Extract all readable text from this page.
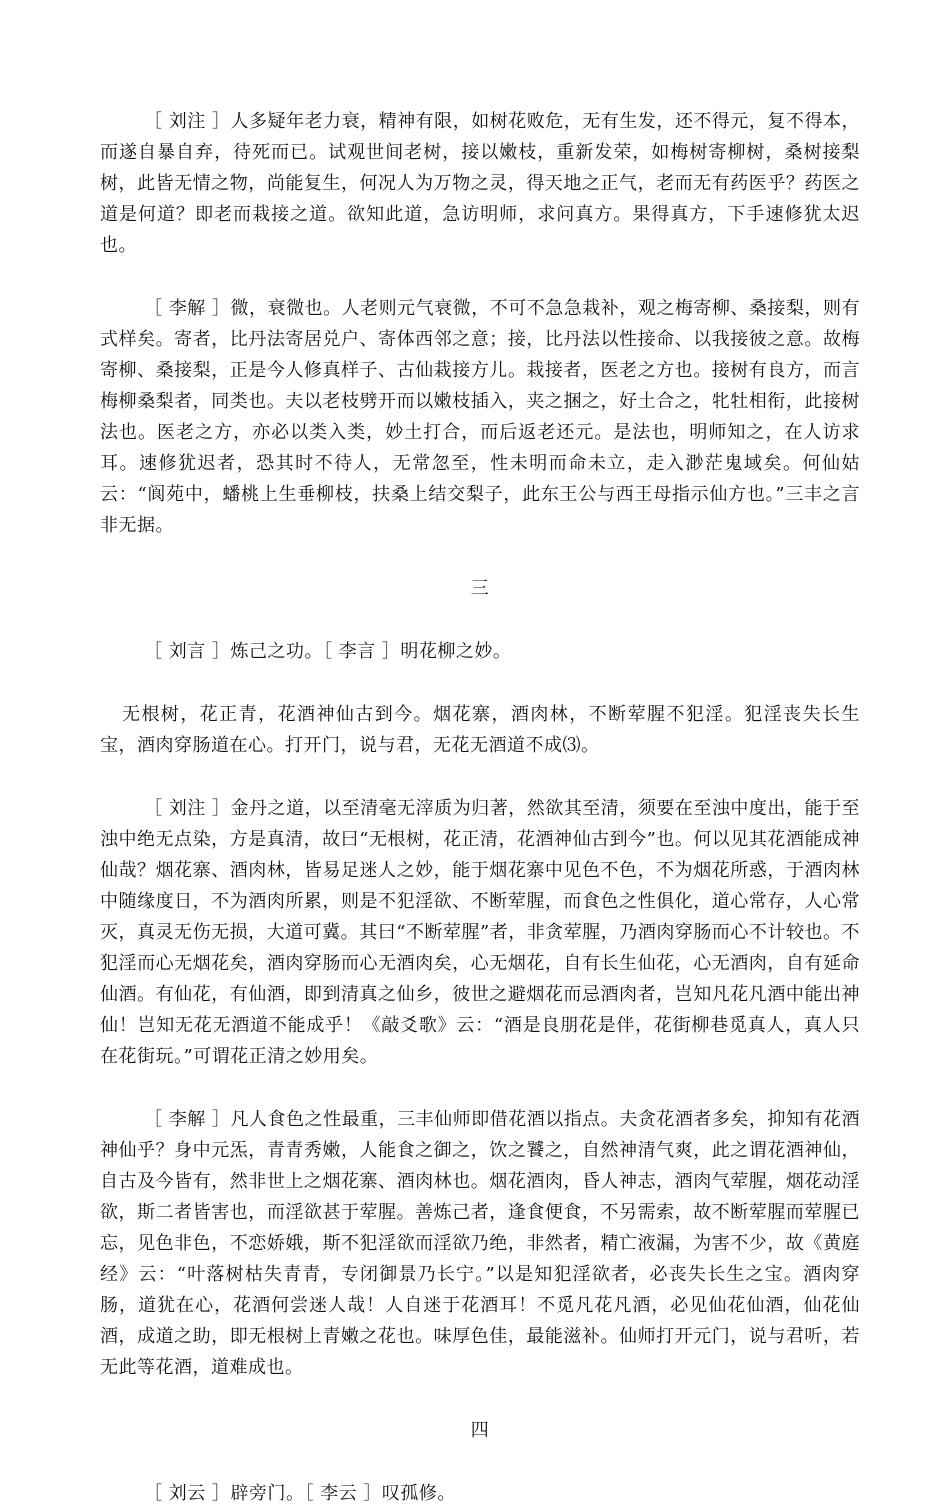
［ 刘注 ］人多疑年老力衰，精神有限，如树花败危，无有生发，还不得元，复不得本，而遂自暴自弃，待死而已。试观世间老树，接以嫩枝，重新发荣，如梅树寄柳树，桑树接梨树，此皆无情之物，尚能复生，何况人为万物之灵，得天地之正气，老而无有药医乎？药医之道是何道？即老而栽接之道。欲知此道，急访明师，求问真方。果得真方，下手速修犹太迟也。

［ 李解 ］微，衰微也。人老则元气衰微，不可不急急栽补，观之梅寄柳、桑接梨，则有式样矣。寄者，比丹法寄居兑户、寄体西邻之意；接，比丹法以性接命、以我接彼之意。故梅寄柳、桑接梨，正是今人修真样子、古仙栽接方儿。栽接者，医老之方也。接树有良方，而言梅柳桑梨者，同类也。夫以老枝劈开而以嫩枝插入，夹之捆之，好土合之，牝牡相衔，此接树法也。医老之方，亦必以类入类，妙土打合，而后返老还元。是法也，明师知之，在人访求耳。速修犹迟者，恐其时不待人，无常忽至，性未明而命未立，走入渺茫鬼域矣。何仙姑云：“阆苑中，蟠桃上生垂柳枝，扶桑上结交梨子，此东王公与西王母指示仙方也。”三丰之言非无据。

三

［ 刘言 ］炼己之功。［ 李言 ］明花柳之妙。

无根树，花正青，花酒神仙古到今。烟花寨，酒肉林，不断荤腥不犯淫。犯淫丧失长生宝，酒肉穿肠道在心。打开门，说与君，无花无酒道不成⑶。

［ 刘注 ］金丹之道，以至清毫无滓质为归著，然欲其至清，须要在至浊中度出，能于至浊中绝无点染，方是真清，故曰“无根树，花正清，花酒神仙古到今”也。何以见其花酒能成神仙哉？烟花寨、酒肉林，皆易足迷人之妙，能于烟花寨中见色不色，不为烟花所惑，于酒肉林中随缘度日，不为酒肉所累，则是不犯淫欲、不断荤腥，而食色之性俱化，道心常存，人心常灭，真灵无伤无损，大道可冀。其曰“不断荤腥”者，非贪荤腥，乃酒肉穿肠而心不计较也。不犯淫而心无烟花矣，酒肉穿肠而心无酒肉矣，心无烟花，自有长生仙花，心无酒肉，自有延命仙酒。有仙花，有仙酒，即到清真之仙乡，彼世之避烟花而忌酒肉者，岂知凡花凡酒中能出神仙！岂知无花无酒道不能成乎！《敲爻歌》云：“酒是良朋花是伴，花街柳巷觅真人，真人只在花街玩。”可谓花正清之妙用矣。

［ 李解 ］凡人食色之性最重，三丰仙师即借花酒以指点。夫贪花酒者多矣，抑知有花酒神仙乎？身中元炁，青青秀嫩，人能食之御之，饮之饕之，自然神清气爽，此之谓花酒神仙，自古及今皆有，然非世上之烟花寨、酒肉林也。烟花酒肉，昏人神志，酒肉气荤腥，烟花动淫欲，斯二者皆害也，而淫欲甚于荤腥。善炼己者，逢食便食，不另需索，故不断荤腥而荤腥已忘，见色非色，不恋娇娥，斯不犯淫欲而淫欲乃绝，非然者，精亡液漏，为害不少，故《黄庭经》云：“叶落树枯失青青，专闭御景乃长宁。”以是知犯淫欲者，必丧失长生之宝。酒肉穿肠，道犹在心，花酒何尝迷人哉！人自迷于花酒耳！不觅凡花凡酒，必见仙花仙酒，仙花仙酒，成道之助，即无根树上青嫩之花也。味厚色佳，最能滋补。仙师打开元门，说与君听，若无此等花酒，道难成也。

四

［ 刘云 ］辟旁门。［ 李云 ］叹孤修。
